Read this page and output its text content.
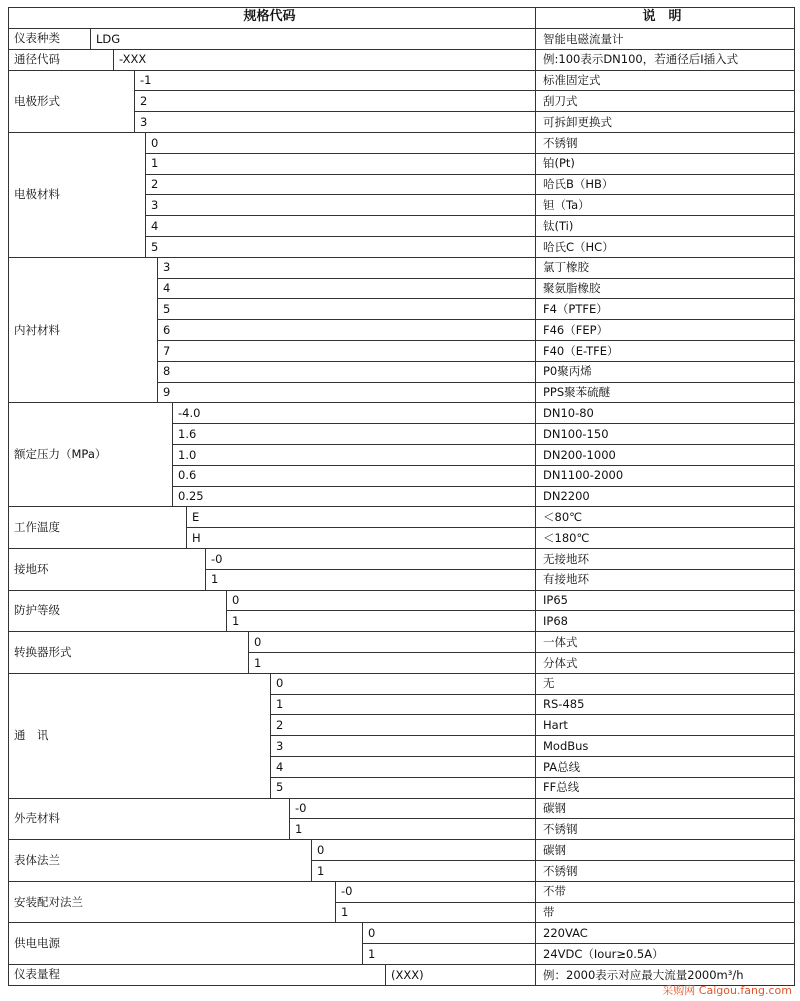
规格代码	说　明
仪表种类	LDG	智能电磁流量计
通径代码	-XXX	例:100表示DN100，若通径后I插入式
电极形式
-1	标准固定式
2	刮刀式
3	可拆卸更换式
电极材料
0	不锈钢
1	铂(Pt)
2	哈氏B（HB）
3	钽（Ta）
4	钛(Ti)
5	哈氏C（HC）
内衬材料
3	氯丁橡胶
4	聚氨脂橡胶
5	F4（PTFE）
6	F46（FEP）
7	F40（E-TFE）
8	P0聚丙烯
9	PPS聚苯硫醚
额定压力（MPa）
-4.0	DN10-80
1.6	DN100-150
1.0	DN200-1000
0.6	DN1100-2000
0.25	DN2200
工作温度
E	＜80℃
H	＜180℃
接地环
-0	无接地环
1	有接地环
防护等级
0	IP65
1	IP68
转换器形式
0	一体式
1	分体式
通　讯
0	无
1	RS-485
2	Hart
3	ModBus
4	PA总线
5	FF总线
外壳材料
-0	碳钢
1	不锈钢
表体法兰
0	碳钢
1	不锈钢
安装配对法兰
-0	不带
1	带
供电电源
0	220VAC
1	24VDC（Iour≥0.5A）
仪表量程	(XXX)	例：2000表示对应最大流量2000m³/h
采购网 Caigou.fang.com
